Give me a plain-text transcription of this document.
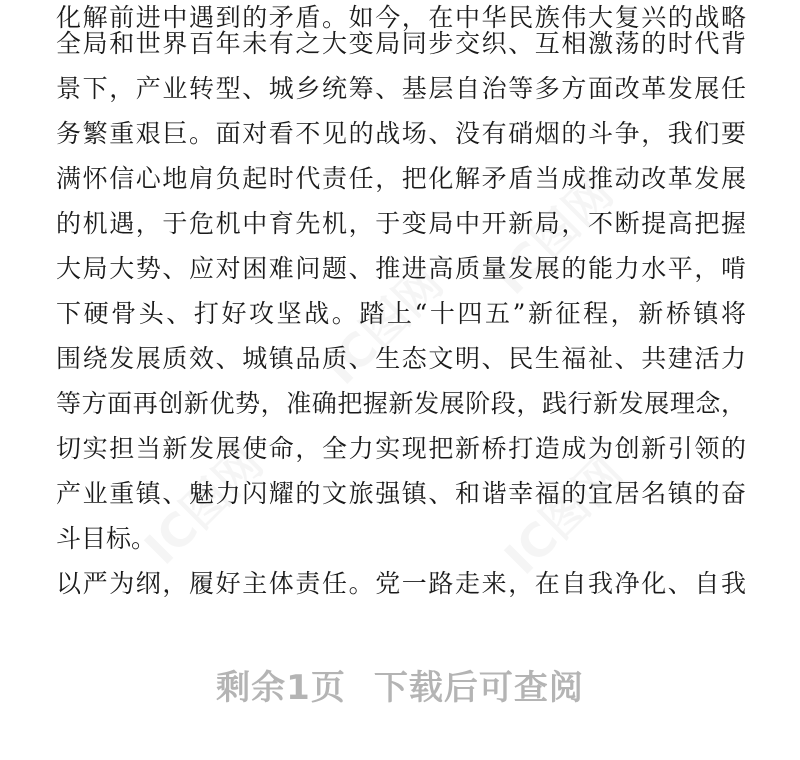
化解前进中遇到的矛盾。如今，在中华民族伟大复兴的战略
全局和世界百年未有之大变局同步交织、互相激荡的时代背
景下，产业转型、城乡统筹、基层自治等多方面改革发展任
务繁重艰巨。面对看不见的战场、没有硝烟的斗争，我们要
满怀信心地肩负起时代责任，把化解矛盾当成推动改革发展
的机遇，于危机中育先机，于变局中开新局，不断提高把握
大局大势、应对困难问题、推进高质量发展的能力水平，啃
下硬骨头、打好攻坚战。踏上“十四五”新征程，新桥镇将
围绕发展质效、城镇品质、生态文明、民生福祉、共建活力
等方面再创新优势，准确把握新发展阶段，践行新发展理念，
切实担当新发展使命，全力实现把新桥打造成为创新引领的
产业重镇、魅力闪耀的文旅强镇、和谐幸福的宜居名镇的奋
斗目标。
以严为纲，履好主体责任。党一路走来，在自我净化、自我
剩余1页 下载后可查阅
